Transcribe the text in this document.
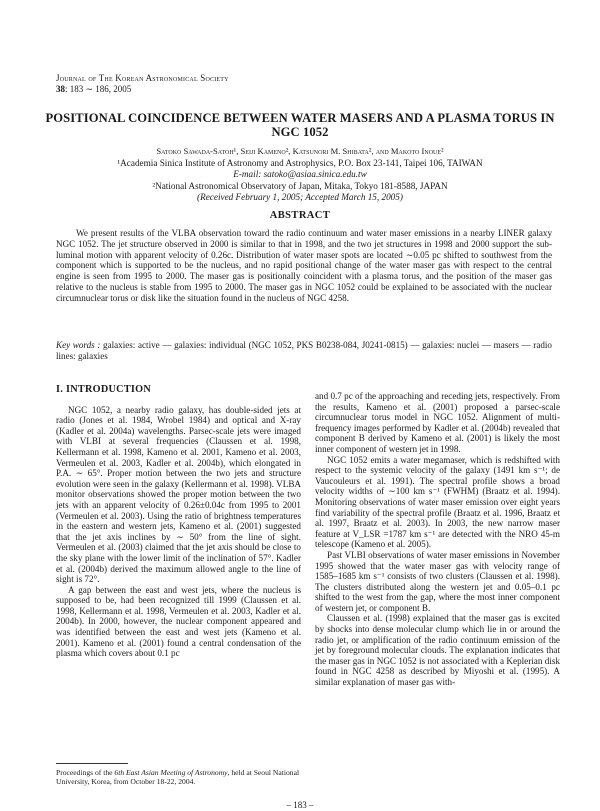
Journal of The Korean Astronomical Society
38: 183 ∼ 186, 2005
POSITIONAL COINCIDENCE BETWEEN WATER MASERS AND A PLASMA TORUS IN NGC 1052
Satoko Sawada-Satoh¹, Seiji Kameno², Katsunori M. Shibata², and Makoto Inoue²
¹Academia Sinica Institute of Astronomy and Astrophysics, P.O. Box 23-141, Taipei 106, TAIWAN
E-mail: satoko@asiaa.sinica.edu.tw
²National Astronomical Observatory of Japan, Mitaka, Tokyo 181-8588, JAPAN
(Received February 1, 2005; Accepted March 15, 2005)
ABSTRACT

We present results of the VLBA observation toward the radio continuum and water maser emissions in a nearby LINER galaxy NGC 1052. The jet structure observed in 2000 is similar to that in 1998, and the two jet structures in 1998 and 2000 support the sub-luminal motion with apparent velocity of 0.26c. Distribution of water maser spots are located ∼0.05 pc shifted to southwest from the component which is supported to be the nucleus, and no rapid positional change of the water maser gas with respect to the central engine is seen from 1995 to 2000. The maser gas is positionally coincident with a plasma torus, and the position of the maser gas relative to the nucleus is stable from 1995 to 2000. The maser gas in NGC 1052 could be explained to be associated with the nuclear circumnuclear torus or disk like the situation found in the nucleus of NGC 4258.

Key words : galaxies: active — galaxies: individual (NGC 1052, PKS B0238-084, J0241-0815) — galaxies: nuclei — masers — radio lines: galaxies

I. INTRODUCTION

NGC 1052, a nearby radio galaxy, has double-sided jets at radio (Jones et al. 1984, Wrobel 1984) and optical and X-ray (Kadler et al. 2004a) wavelengths. Parsec-scale jets were imaged with VLBI at several frequencies (Claussen et al. 1998, Kellermann et al. 1998, Kameno et al. 2001, Kameno et al. 2003, Vermeulen et al. 2003, Kadler et al. 2004b), which elongated in P.A. ∼ 65°. Proper motion between the two jets and structure evolution were seen in the galaxy (Kellermann et al. 1998). VLBA monitor observations showed the proper motion between the two jets with an apparent velocity of 0.26±0.04c from 1995 to 2001 (Vermeulen et al. 2003). Using the ratio of brightness temperatures in the eastern and western jets, Kameno et al. (2001) suggested that the jet axis inclines by ∼ 50° from the line of sight. Vermeulen et al. (2003) claimed that the jet axis should be close to the sky plane with the lower limit of the inclination of 57°. Kadler et al. (2004b) derived the maximum allowed angle to the line of sight is 72°.

A gap between the east and west jets, where the nucleus is supposed to be, had been recognized till 1999 (Claussen et al. 1998, Kellermann et al. 1998, Vermeulen et al. 2003, Kadler et al. 2004b). In 2000, however, the nuclear component appeared and was identified between the east and west jets (Kameno et al. 2001). Kameno et al. (2001) found a central condensation of the plasma which covers about 0.1 pc

and 0.7 pc of the approaching and receding jets, respectively. From the results, Kameno et al. (2001) proposed a parsec-scale circumnuclear torus model in NGC 1052. Alignment of multi-frequency images performed by Kadler et al. (2004b) revealed that component B derived by Kameno et al. (2001) is likely the most inner component of western jet in 1998.

NGC 1052 emits a water megamaser, which is redshifted with respect to the systemic velocity of the galaxy (1491 km s⁻¹; de Vaucouleurs et al. 1991). The spectral profile shows a broad velocity widths of ∼100 km s⁻¹ (FWHM) (Braatz et al. 1994). Monitoring observations of water maser emission over eight years find variability of the spectral profile (Braatz et al. 1996, Braatz et al. 1997, Braatz et al. 2003). In 2003, the new narrow maser feature at V_LSR =1787 km s⁻¹ are detected with the NRO 45-m telescope (Kameno et al. 2005).

Past VLBI observations of water maser emissions in November 1995 showed that the water maser gas with velocity range of 1585–1685 km s⁻¹ consists of two clusters (Claussen et al. 1998). The clusters distributed along the western jet and 0.05–0.1 pc shifted to the west from the gap, where the most inner component of western jet, or component B.

Claussen et al. (1998) explained that the maser gas is excited by shocks into dense molecular clump which lie in or around the radio jet, or amplification of the radio continuum emission of the jet by foreground molecular clouds. The explanation indicates that the maser gas in NGC 1052 is not associated with a Keplerian disk found in NGC 4258 as described by Miyoshi et al. (1995). A similar explanation of maser gas with-

Proceedings of the 6th East Asian Meeting of Astronomy, held at Seoul National University, Korea, from October 18-22, 2004.
– 183 –
